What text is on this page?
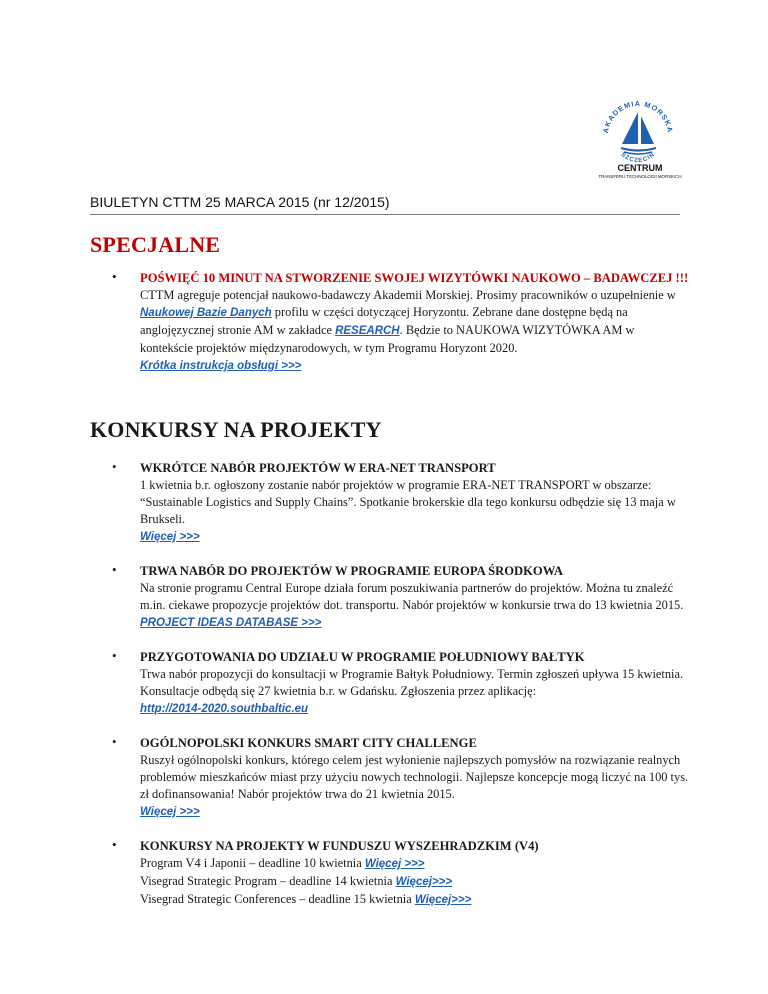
AKADEMIA MORSKA
SZCZECIN
CENTRUM
TRANSFERU TECHNOLOGII MORSKICH
BIULETYN CTTM 25 MARCA 2015 (nr 12/2015)
SPECJALNE
• POŚWIĘĆ 10 MINUT NA STWORZENIE SWOJEJ WIZYTÓWKI NAUKOWO – BADAWCZEJ !!!
CTTM agreguje potencjał naukowo-badawczy Akademii Morskiej. Prosimy pracowników o uzupełnienie w Naukowej Bazie Danych profilu w części dotyczącej Horyzontu. Zebrane dane dostępne będą na anglojęzycznej stronie AM w zakładce RESEARCH. Będzie to NAUKOWA WIZYTÓWKA AM w kontekście projektów międzynarodowych, w tym Programu Horyzont 2020.
Krótka instrukcja obsługi >>>
KONKURSY NA PROJEKTY
• WKRÓTCE NABÓR PROJEKTÓW W ERA-NET TRANSPORT
1 kwietnia b.r. ogłoszony zostanie nabór projektów w programie ERA-NET TRANSPORT w obszarze: “Sustainable Logistics and Supply Chains”. Spotkanie brokerskie dla tego konkursu odbędzie się 13 maja w Brukseli.
Więcej >>>
• TRWA NABÓR DO PROJEKTÓW W PROGRAMIE EUROPA ŚRODKOWA
Na stronie programu Central Europe działa forum poszukiwania partnerów do projektów. Można tu znaleźć m.in. ciekawe propozycje projektów dot. transportu. Nabór projektów w konkursie trwa do 13 kwietnia 2015.
PROJECT IDEAS DATABASE >>>
• PRZYGOTOWANIA DO UDZIAŁU W PROGRAMIE POŁUDNIOWY BAŁTYK
Trwa nabór propozycji do konsultacji w Programie Bałtyk Południowy. Termin zgłoszeń upływa 15 kwietnia. Konsultacje odbędą się 27 kwietnia b.r. w Gdańsku. Zgłoszenia przez aplikację:
http://2014-2020.southbaltic.eu
• OGÓLNOPOLSKI KONKURS SMART CITY CHALLENGE
Ruszył ogólnopolski konkurs, którego celem jest wyłonienie najlepszych pomysłów na rozwiązanie realnych problemów mieszkańców miast przy użyciu nowych technologii. Najlepsze koncepcje mogą liczyć na 100 tys. zł dofinansowania! Nabór projektów trwa do 21 kwietnia 2015.
Więcej >>>
• KONKURSY NA PROJEKTY W FUNDUSZU WYSZEHRADZKIM (V4)
Program V4 i Japonii – deadline 10 kwietnia Więcej >>>
Visegrad Strategic Program – deadline 14 kwietnia Więcej>>>
Visegrad Strategic Conferences – deadline 15 kwietnia Więcej>>>
